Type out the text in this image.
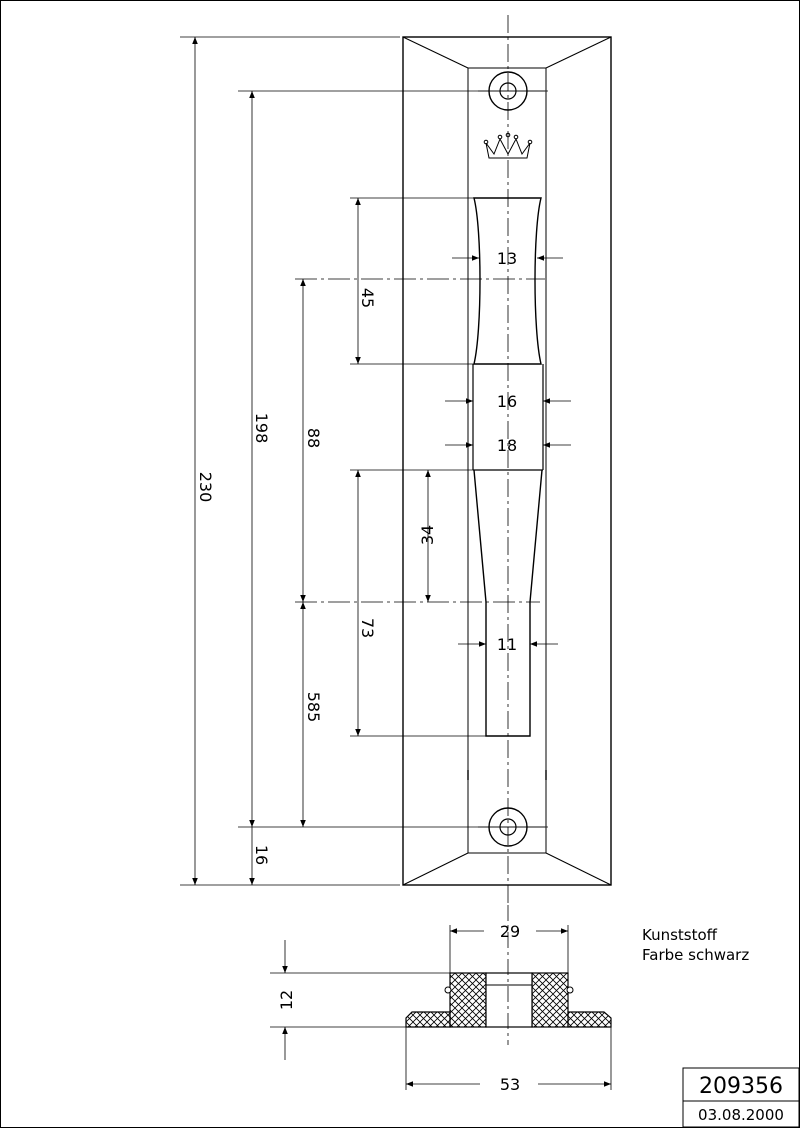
230
198 88
585
16
45
73
34
13
16
18
11
29
12
53
Kunststoff
Farbe schwarz
209356
03.08.2000
